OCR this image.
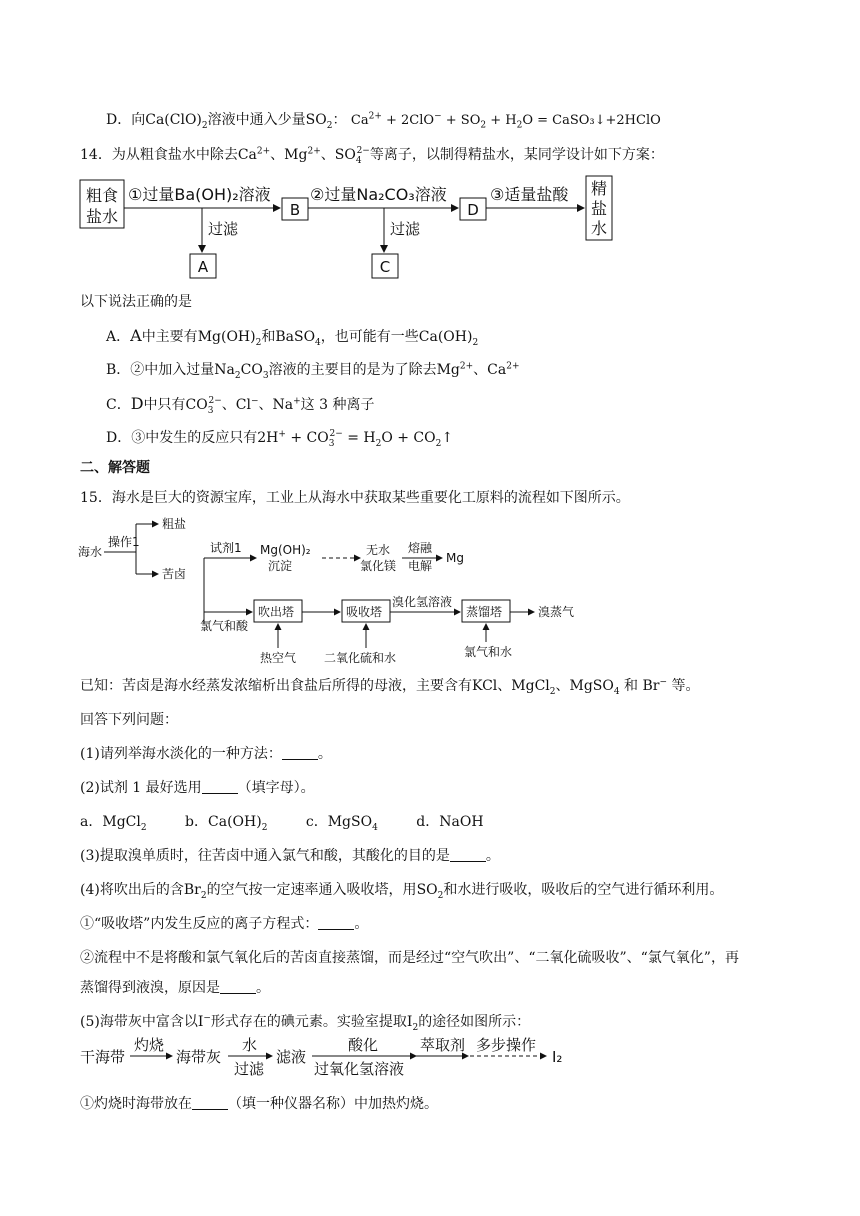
D．向$Ca(ClO)_2$溶液中通入少量$SO_2$： $Ca^{2+} + 2ClO^- + SO_2 + H_2O$ = CaSO₃↓+2HClO
14．为从粗食盐水中除去$Ca^{2+}$、$Mg^{2+}$、$SO_4^{2-}$等离子，以制得精盐水，某同学设计如下方案：
粗食
盐水
①过量Ba(OH)₂溶液
B
②过量Na₂CO₃溶液
D
③适量盐酸 精
盐
水
过滤
A
过滤
C
以下说法正确的是
A．A中主要有$Mg(OH)_2$和BaSO$_4$，也可能有一些$Ca(OH)_2$
B．②中加入过量$Na_2CO_3$溶液的主要目的是为了除去$Mg^{2+}$、$Ca^{2+}$
C．D中只有$CO_3^{2-}$、Cl−、Na+这 3 种离子
D．③中发生的反应只有$2H^+ + CO_3^{2-} = H_2O$ + $CO_2↑$
二、解答题
15．海水是巨大的资源宝库，工业上从海水中获取某些重要化工原料的流程如下图所示。
海水
操作1
粗盐
苦卤
试剂1 Mg(OH)₂
沉淀
无水
氯化镁
熔融
电解
Mg
氯气和酸
吹出塔
热空气
吸收塔
二氧化硫和水
溴化氢溶液
蒸馏塔
氯气和水
溴蒸气
已知：苦卤是海水经蒸发浓缩析出食盐后所得的母液，主要含有KCl、MgCl$_2$、MgSO$_4$ 和 Br− 等。
回答下列问题：
(1)请列举海水淡化的一种方法：	。
(2)试剂 1 最好选用	（填字母）。
a．MgCl$_2$	b．$Ca(OH)_2$	c．MgSO$_4$	d．NaOH
(3)提取溴单质时，往苦卤中通入氯气和酸，其酸化的目的是	。
(4)将吹出后的含$Br_2$的空气按一定速率通入吸收塔，用$SO_2$和水进行吸收，吸收后的空气进行循环利用。
①“吸收塔”内发生反应的离子方程式：	。
②流程中不是将酸和氯气氧化后的苦卤直接蒸馏，而是经过“空气吹出”、“二氧化硫吸收”、“氯气氧化”，再
蒸馏得到液溴，原因是	。
(5)海带灰中富含以I−形式存在的碘元素。实验室提取$I_2$的途径如图所示：
干海带
灼烧
海带灰
水
过滤
滤液
酸化
过氧化氢溶液
萃取剂 多步操作
I₂
①灼烧时海带放在	（填一种仪器名称）中加热灼烧。
